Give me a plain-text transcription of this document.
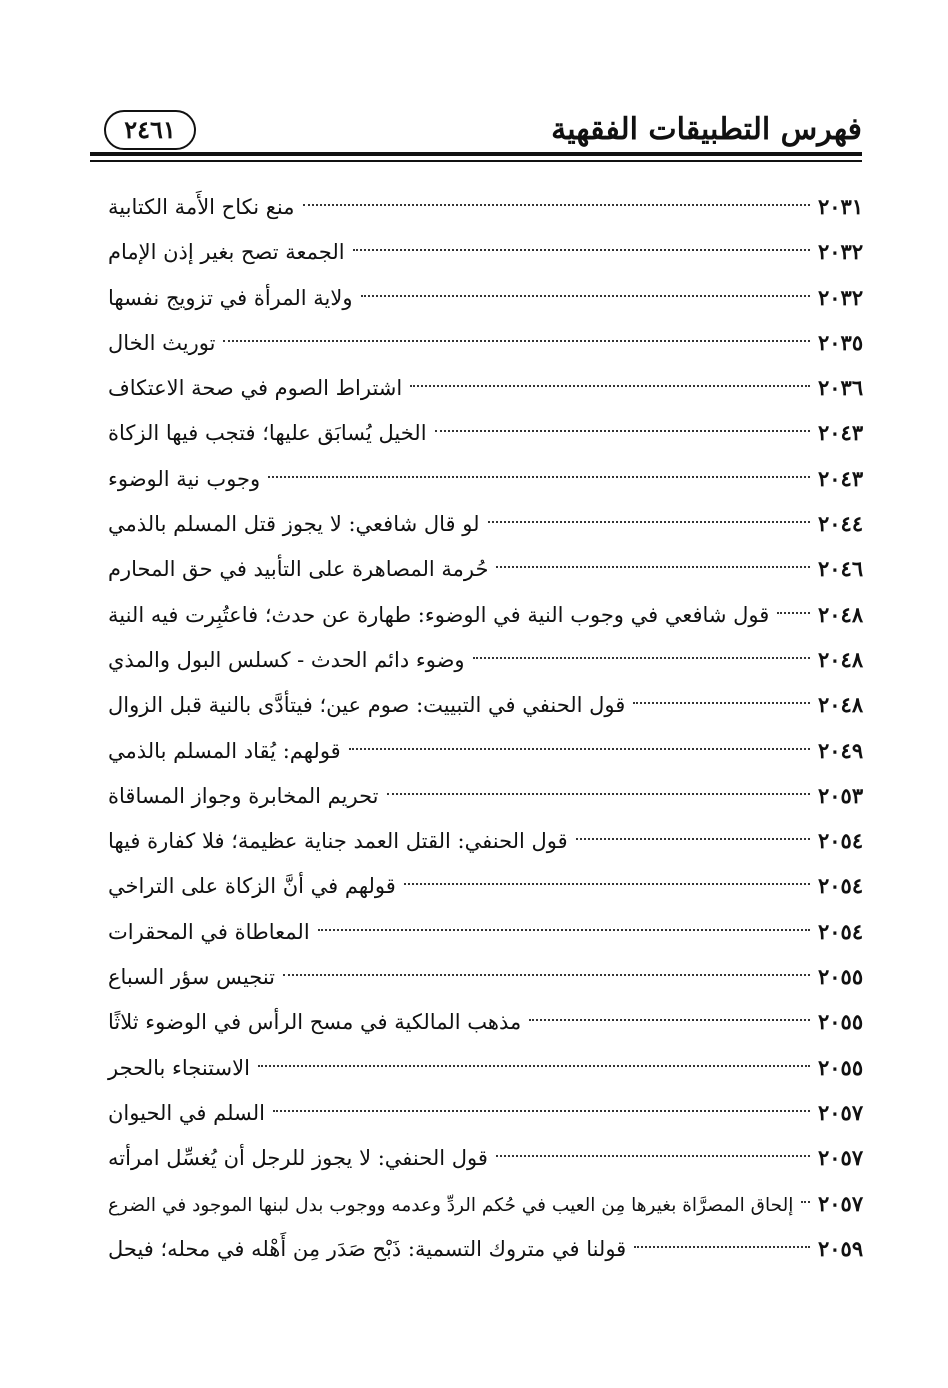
فهرس التطبيقات الفقهية
٢٤٦١
منع نكاح الأَمة الكتابية	٢٠٣١
الجمعة تصح بغير إذن الإمام	٢٠٣٢
ولاية المرأة في تزويج نفسها	٢٠٣٢
توريث الخال	٢٠٣٥
اشتراط الصوم في صحة الاعتكاف	٢٠٣٦
الخيل يُسابَق عليها؛ فتجب فيها الزكاة	٢٠٤٣
وجوب نية الوضوء	٢٠٤٣
لو قال شافعي: لا يجوز قتل المسلم بالذمي	٢٠٤٤
حُرمة المصاهرة على التأبيد في حق المحارم	٢٠٤٦
قول شافعي في وجوب النية في الوضوء: طهارة عن حدث؛ فاعتُبِرت فيه النية ٢٠٤٨
وضوء دائم الحدث - كسلس البول والمذي	٢٠٤٨
قول الحنفي في التبييت: صوم عين؛ فيتأدَّى بالنية قبل الزوال	٢٠٤٨
قولهم: يُقاد المسلم بالذمي	٢٠٤٩
تحريم المخابرة وجواز المساقاة	٢٠٥٣
قول الحنفي: القتل العمد جناية عظيمة؛ فلا كفارة فيها	٢٠٥٤
قولهم في أنَّ الزكاة على التراخي	٢٠٥٤
المعاطاة في المحقرات	٢٠٥٤
تنجيس سؤر السباع	٢٠٥٥
مذهب المالكية في مسح الرأس في الوضوء ثلاثًا	٢٠٥٥
الاستنجاء بالحجر	٢٠٥٥
السلم في الحيوان	٢٠٥٧
قول الحنفي: لا يجوز للرجل أن يُغسِّل امرأته	٢٠٥٧
إلحاق المصرَّاة بغيرها مِن العيب في حُكم الردِّ وعدمه ووجوب بدل لبنها الموجود في الضرع ٢٠٥٧
قولنا في متروك التسمية: ذَبْح صَدَر مِن أَهْله في محله؛ فيحل	٢٠٥٩
